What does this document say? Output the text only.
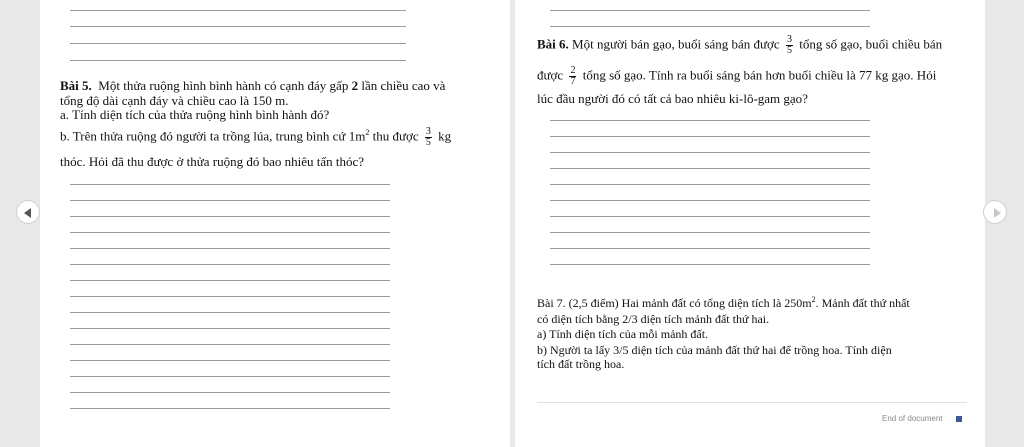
Bài 5. Một thửa ruộng hình bình hành có cạnh đáy gấp 2 lần chiều cao và
tổng độ dài cạnh đáy và chiều cao là 150 m.
a. Tính diện tích của thửa ruộng hình bình hành đó?
b. Trên thửa ruộng đó người ta trồng lúa, trung bình cứ $1m^2$ thu được $\frac{3}{5}$ kg
thóc. Hỏi đã thu được ở thửa ruộng đó bao nhiêu tấn thóc?
Bài 6. Một người bán gạo, buổi sáng bán được $\frac{3}{5}$ tổng số gạo, buổi chiều bán
được $\frac{2}{7}$ tổng số gạo. Tính ra buổi sáng bán hơn buổi chiều là 77 kg gạo. Hỏi
lúc đầu người đó có tất cả bao nhiêu ki-lô-gam gạo?
Bài 7. (2,5 điểm) Hai mảnh đất có tổng diện tích là $250m^2$. Mảnh đất thứ nhất
có diện tích bằng 2/3 diện tích mảnh đất thứ hai.
a) Tính diện tích của mỗi mảnh đất.
b) Người ta lấy 3/5 diện tích của mảnh đất thứ hai để trồng hoa. Tính diện
tích đất trồng hoa.
End of document
